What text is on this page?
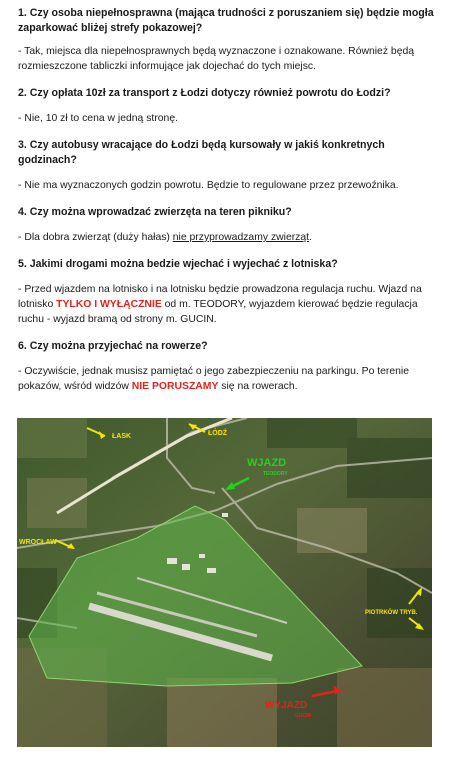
1. Czy osoba niepełnosprawna (mająca trudności z poruszaniem się) będzie mogła zaparkować bliżej strefy pokazowej?

- Tak, miejsca dla niepełnosprawnych będą wyznaczone i oznakowane. Również będą rozmieszczone tabliczki informujące jak dojechać do tych miejsc.

2. Czy opłata 10zł za transport z Łodzi dotyczy również powrotu do Łodzi?

- Nie, 10 zł to cena w jedną stronę.

3. Czy autobusy wracające do Łodzi będą kursowały w jakiś konkretnych godzinach?

- Nie ma wyznaczonych godzin powrotu. Będzie to regulowane przez przewoźnika.

4. Czy można wprowadzać zwierzęta na teren pikniku?

- Dla dobra zwierząt (duży hałas) nie przyprowadzamy zwierząt.

5. Jakimi drogami można bedzie wjechać i wyjechać z lotniska?

- Przed wjazdem na lotnisko i na lotnisku będzie prowadzona regulacja ruchu. Wjazd na lotnisko TYLKO I WYŁĄCZNIE od m. TEODORY, wyjazdem kierować będzie regulacja ruchu - wyjazd bramą od strony m. GUCIN.

6. Czy można przyjechać na rowerze?

- Oczywiście, jednak musisz pamiętać o jego zabezpieczeniu na parkingu. Po terenie pokazów, wśród widzów NIE PORUSZAMY się na rowerach.

ŁASK	ŁÓDŹ
WJAZD
TEODORY
WROCŁAW
PIOTRKÓW TRYB.
WYJAZD
GUCIN
